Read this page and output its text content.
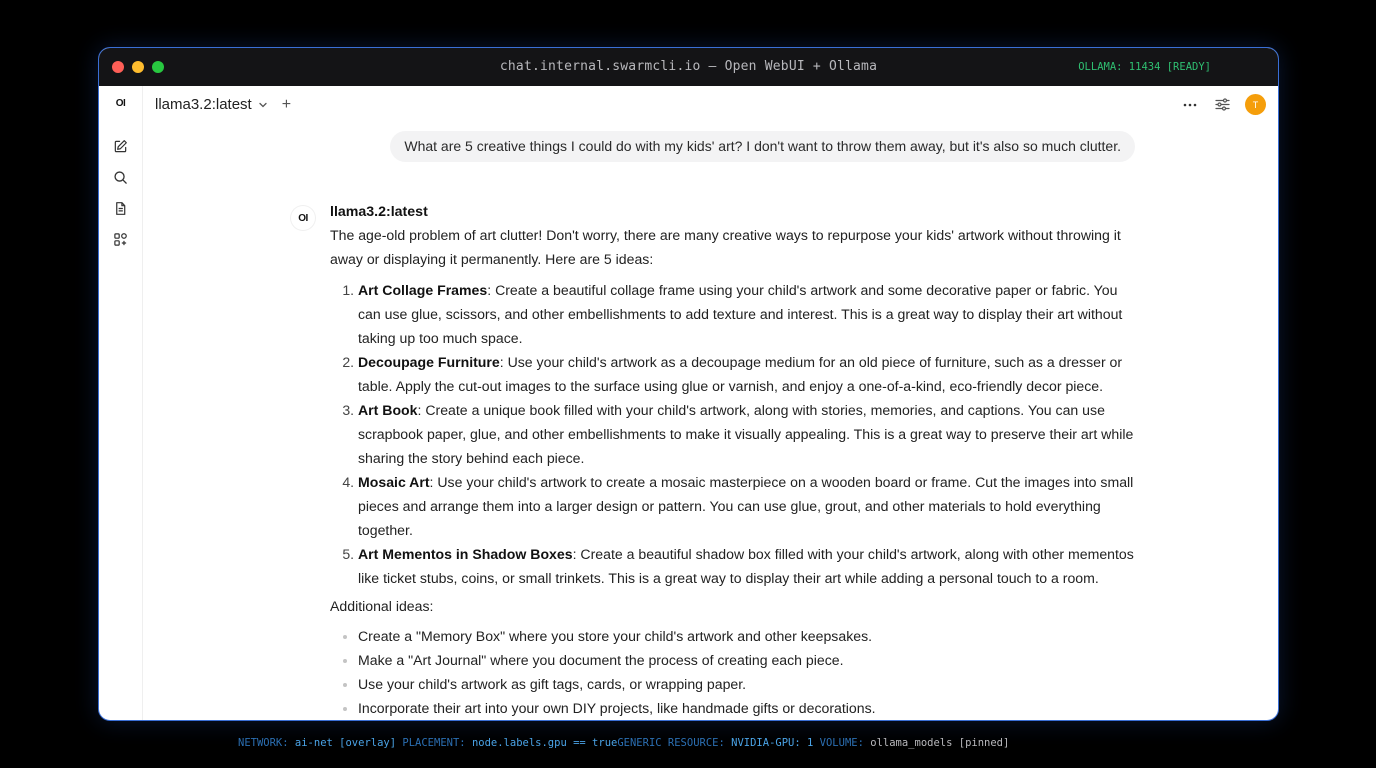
chat.internal.swarmcli.io — Open WebUI + Ollama	OLLAMA: 11434 [READY]
OI llama3.2:latest +	T
What are 5 creative things I could do with my kids' art? I don't want to throw them away, but it's also so much clutter.
OI	llama3.2:latest

The age-old problem of art clutter! Don't worry, there are many creative ways to repurpose your kids' artwork without throwing it away or displaying it permanently. Here are 5 ideas:

1. Art Collage Frames: Create a beautiful collage frame using your child's artwork and some decorative paper or fabric. You can use glue, scissors, and other embellishments to add texture and interest. This is a great way to display their art without taking up too much space.
2. Decoupage Furniture: Use your child's artwork as a decoupage medium for an old piece of furniture, such as a dresser or table. Apply the cut-out images to the surface using glue or varnish, and enjoy a one-of-a-kind, eco-friendly decor piece.
3. Art Book: Create a unique book filled with your child's artwork, along with stories, memories, and captions. You can use scrapbook paper, glue, and other embellishments to make it visually appealing. This is a great way to preserve their art while sharing the story behind each piece.
4. Mosaic Art: Use your child's artwork to create a mosaic masterpiece on a wooden board or frame. Cut the images into small pieces and arrange them into a larger design or pattern. You can use glue, grout, and other materials to hold everything together.
5. Art Mementos in Shadow Boxes: Create a beautiful shadow box filled with your child's artwork, along with other mementos like ticket stubs, coins, or small trinkets. This is a great way to display their art while adding a personal touch to a room.

Additional ideas:

• Create a "Memory Box" where you store your child's artwork and other keepsakes.
• Make a "Art Journal" where you document the process of creating each piece.
• Use your child's artwork as gift tags, cards, or wrapping paper.
• Incorporate their art into your own DIY projects, like handmade gifts or decorations.
NETWORK: ai-net [overlay] PLACEMENT: node.labels.gpu == trueGENERIC RESOURCE: NVIDIA-GPU: 1 VOLUME: ollama_models [pinned]
